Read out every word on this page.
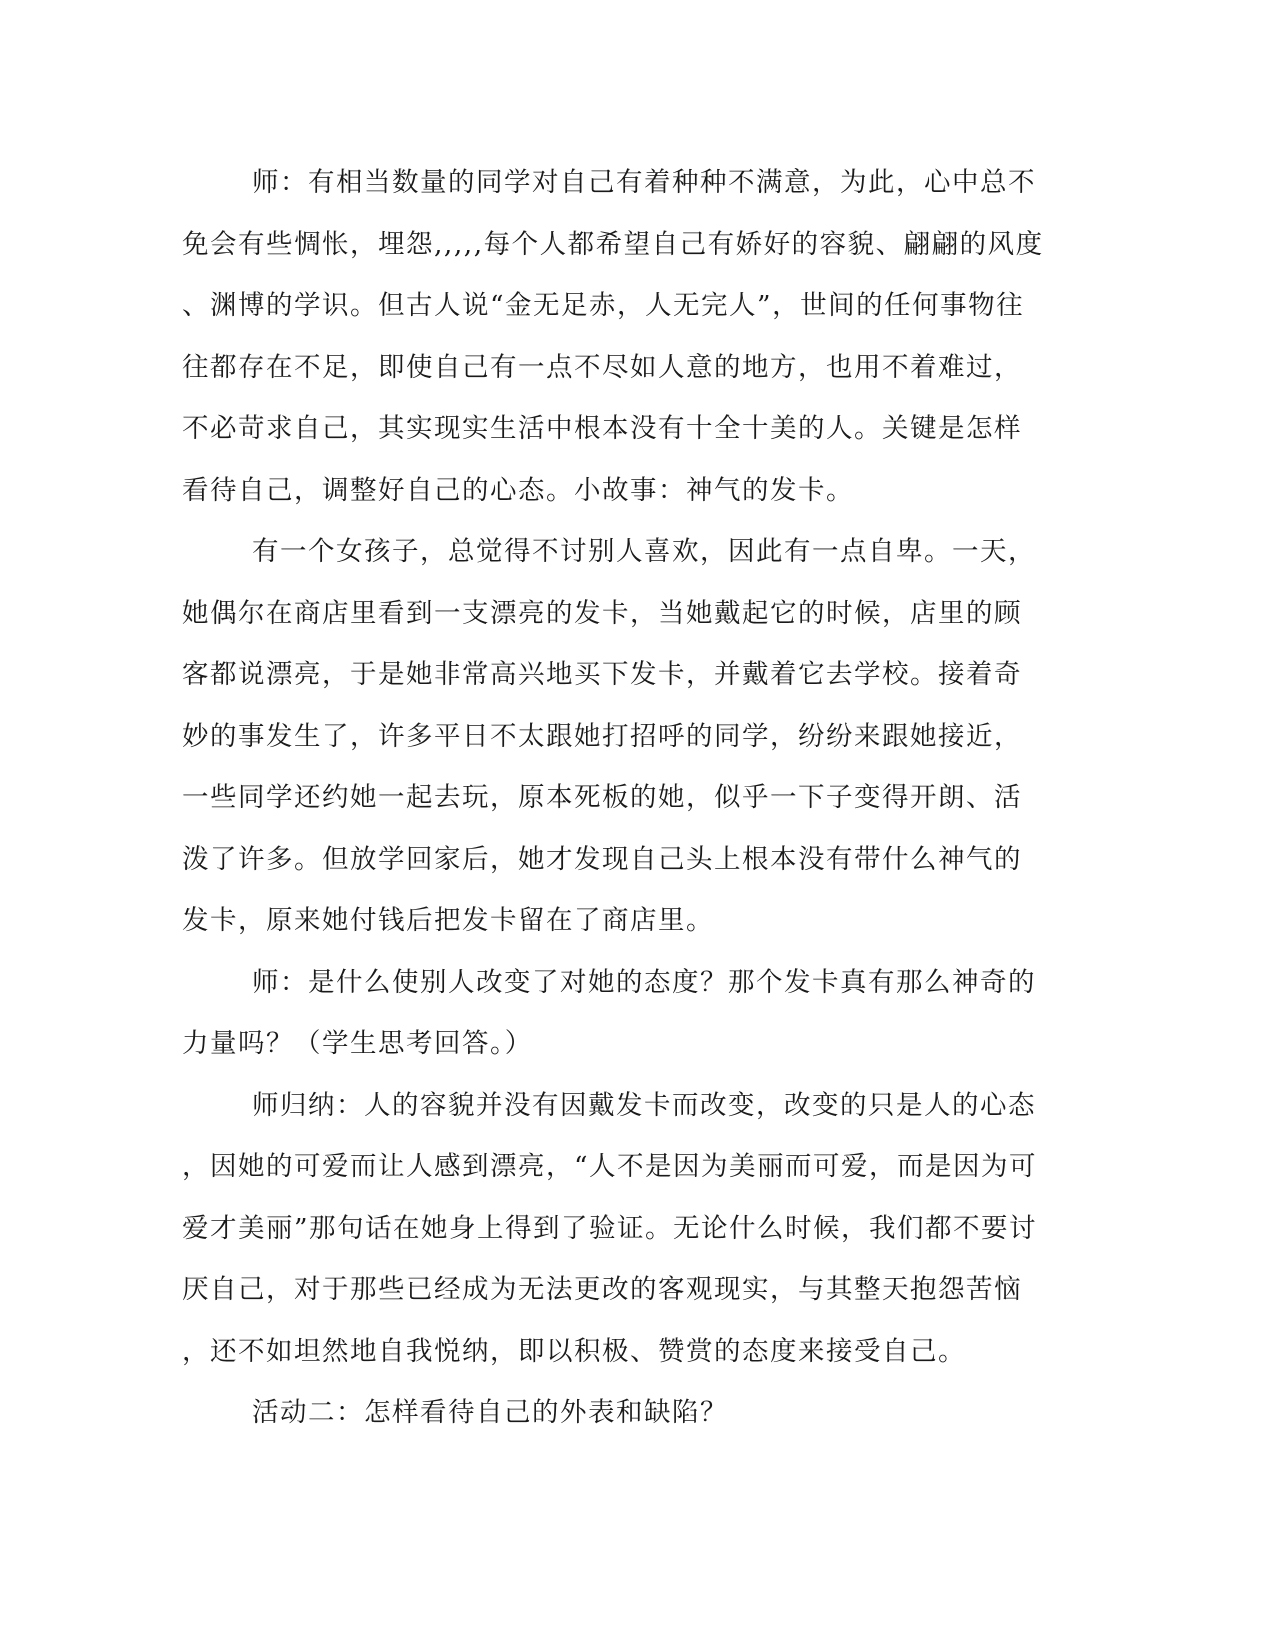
师：有相当数量的同学对自己有着种种不满意，为此，心中总不
免会有些惆怅，埋怨,,,,,每个人都希望自己有娇好的容貌、翩翩的风度
、渊博的学识。但古人说“金无足赤，人无完人”，世间的任何事物往
往都存在不足，即使自己有一点不尽如人意的地方，也用不着难过，
不必苛求自己，其实现实生活中根本没有十全十美的人。关键是怎样
看待自己，调整好自己的心态。小故事：神气的发卡。
有一个女孩子，总觉得不讨别人喜欢，因此有一点自卑。一天，
她偶尔在商店里看到一支漂亮的发卡，当她戴起它的时候，店里的顾
客都说漂亮，于是她非常高兴地买下发卡，并戴着它去学校。接着奇
妙的事发生了，许多平日不太跟她打招呼的同学，纷纷来跟她接近，
一些同学还约她一起去玩，原本死板的她，似乎一下子变得开朗、活
泼了许多。但放学回家后，她才发现自己头上根本没有带什么神气的
发卡，原来她付钱后把发卡留在了商店里。
师：是什么使别人改变了对她的态度？那个发卡真有那么神奇的
力量吗？（学生思考回答。）
师归纳：人的容貌并没有因戴发卡而改变，改变的只是人的心态
，因她的可爱而让人感到漂亮，“人不是因为美丽而可爱，而是因为可
爱才美丽”那句话在她身上得到了验证。无论什么时候，我们都不要讨
厌自己，对于那些已经成为无法更改的客观现实，与其整天抱怨苦恼
，还不如坦然地自我悦纳，即以积极、赞赏的态度来接受自己。
活动二：怎样看待自己的外表和缺陷？
